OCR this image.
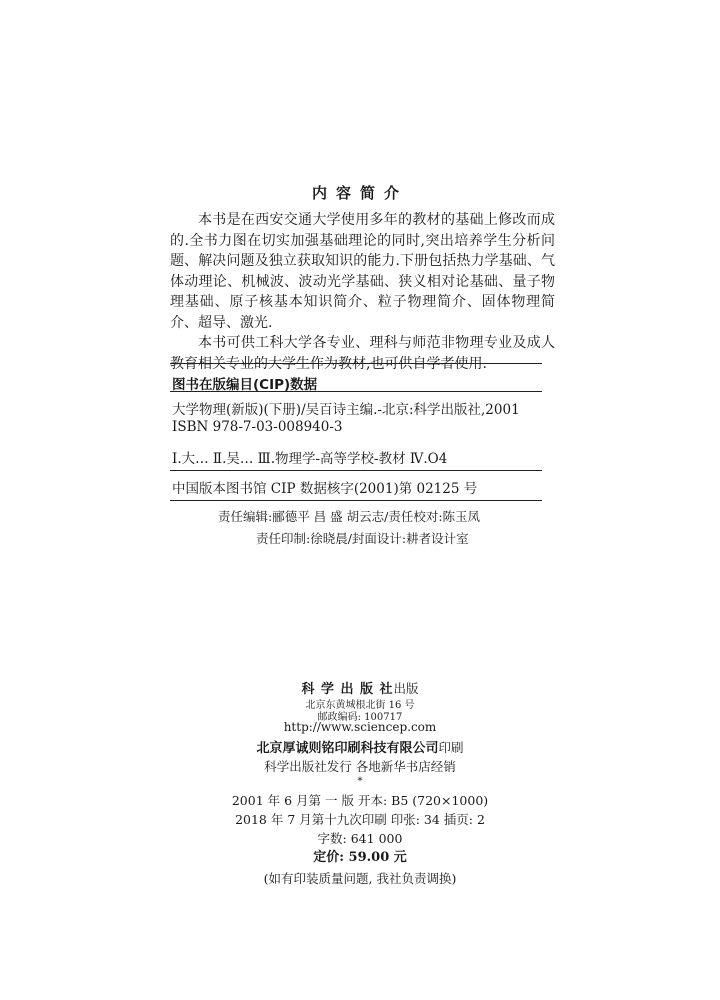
内容简介

本书是在西安交通大学使用多年的教材的基础上修改而成的.全书力图在切实加强基础理论的同时,突出培养学生分析问题、解决问题及独立获取知识的能力.下册包括热力学基础、气体动理论、机械波、波动光学基础、狭义相对论基础、量子物理基础、原子核基本知识简介、粒子物理简介、固体物理简介、超导、激光.

本书可供工科大学各专业、理科与师范非物理专业及成人教育相关专业的大学生作为教材,也可供自学者使用.

图书在版编目(CIP)数据
大学物理(新版)(下册)/吴百诗主编.-北京:科学出版社,2001
ISBN 978-7-03-008940-3
Ⅰ.大… Ⅱ.吴… Ⅲ.物理学-高等学校-教材 Ⅳ.O4
中国版本图书馆 CIP 数据核字(2001)第 02125 号
责任编辑:郦德平 昌 盛 胡云志/责任校对:陈玉凤
责任印制:徐晓晨/封面设计:耕者设计室
科 学 出 版 社出版
北京东黄城根北街 16 号
邮政编码: 100717
http://www.sciencep.com
北京厚诚则铭印刷科技有限公司印刷
科学出版社发行 各地新华书店经销
*
2001 年 6 月第 一 版 开本: B5 (720×1000)
2018 年 7 月第十九次印刷 印张: 34 插页: 2
字数: 641 000
定价: 59.00 元
(如有印装质量问题, 我社负责调换)
